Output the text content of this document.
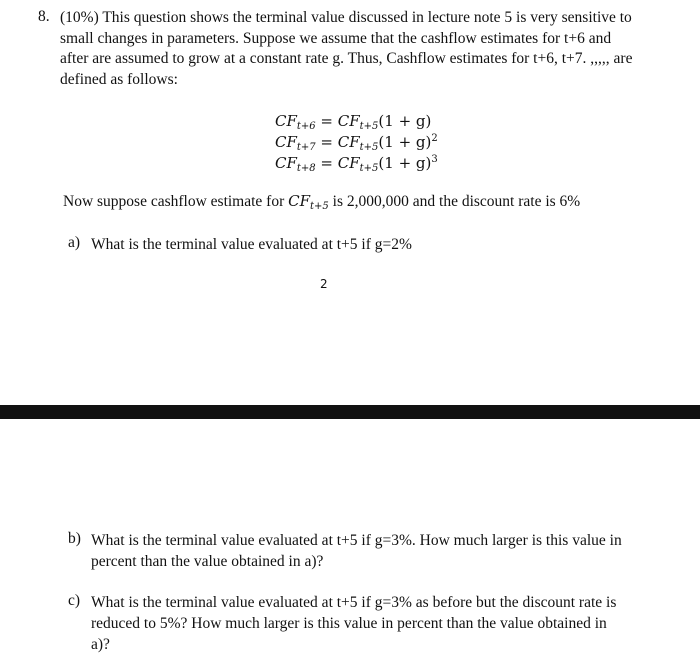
8. (10%) This question shows the terminal value discussed in lecture note 5 is very sensitive to small changes in parameters. Suppose we assume that the cashflow estimates for t+6 and after are assumed to grow at a constant rate g. Thus, Cashflow estimates for t+6, t+7. ,,,,, are defined as follows:
$CF_{t+6} = CF_{t+5}(1 + g)$
$CF_{t+7} = CF_{t+5}(1 + g)^2$
$CF_{t+8} = CF_{t+5}(1 + g)^3$
Now suppose cashflow estimate for $CF_{t+5}$ is 2,000,000 and the discount rate is 6%
a) What is the terminal value evaluated at t+5 if g=2%
2
b) What is the terminal value evaluated at t+5 if g=3%. How much larger is this value in percent than the value obtained in a)?
c) What is the terminal value evaluated at t+5 if g=3% as before but the discount rate is reduced to 5%? How much larger is this value in percent than the value obtained in a)?
